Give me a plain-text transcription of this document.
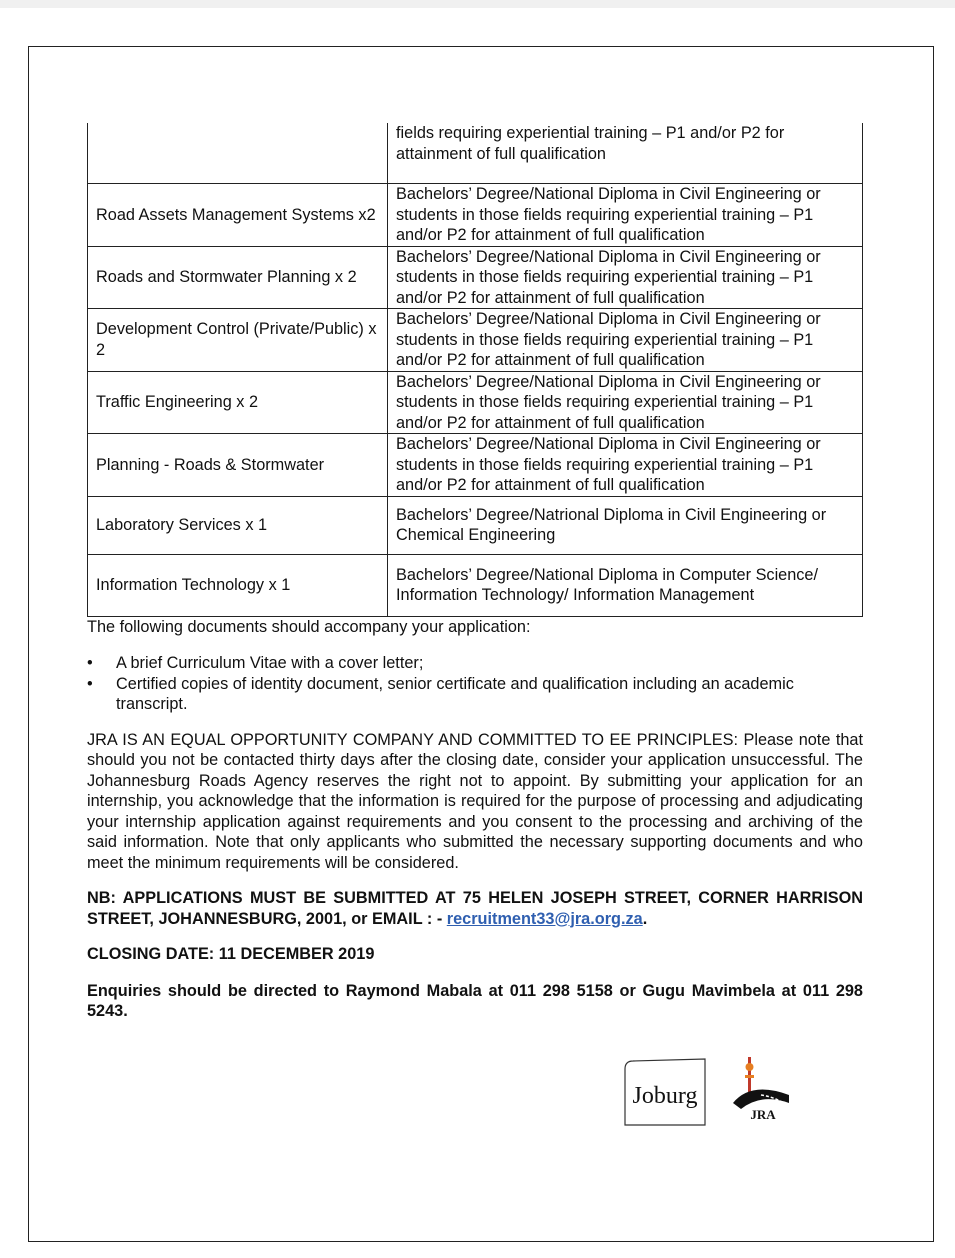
	fields requiring experiential training – P1 and/or P2 for attainment of full qualification
Road Assets Management Systems x2	Bachelors’ Degree/National Diploma in Civil Engineering or students in those fields requiring experiential training – P1 and/or P2 for attainment of full qualification
Roads and Stormwater Planning x 2	Bachelors’ Degree/National Diploma in Civil Engineering or students in those fields requiring experiential training – P1 and/or P2 for attainment of full qualification
Development Control (Private/Public) x 2	Bachelors’ Degree/National Diploma in Civil Engineering or students in those fields requiring experiential training – P1 and/or P2 for attainment of full qualification
Traffic Engineering x 2	Bachelors’ Degree/National Diploma in Civil Engineering or students in those fields requiring experiential training – P1 and/or P2 for attainment of full qualification
Planning - Roads & Stormwater	Bachelors’ Degree/National Diploma in Civil Engineering or students in those fields requiring experiential training – P1 and/or P2 for attainment of full qualification
Laboratory Services x 1	Bachelors’ Degree/Natrional Diploma in Civil Engineering or Chemical Engineering
Information Technology x 1	Bachelors’ Degree/National Diploma in Computer Science/ Information Technology/ Information Management

The following documents should accompany your application:

• A brief Curriculum Vitae with a cover letter;
• Certified copies of identity document, senior certificate and qualification including an academic transcript.

JRA IS AN EQUAL OPPORTUNITY COMPANY AND COMMITTED TO EE PRINCIPLES: Please note that should you not be contacted thirty days after the closing date, consider your application unsuccessful. The Johannesburg Roads Agency reserves the right not to appoint. By submitting your application for an internship, you acknowledge that the information is required for the purpose of processing and adjudicating your internship application against requirements and you consent to the processing and archiving of the said information. Note that only applicants who submitted the necessary supporting documents and who meet the minimum requirements will be considered.

NB: APPLICATIONS MUST BE SUBMITTED AT 75 HELEN JOSEPH STREET, CORNER HARRISON STREET, JOHANNESBURG, 2001, or EMAIL : - recruitment33@jra.org.za.

CLOSING DATE: 11 DECEMBER 2019

Enquiries should be directed to Raymond Mabala at 011 298 5158 or Gugu Mavimbela at 011 298 5243.

Joburg
JRA
